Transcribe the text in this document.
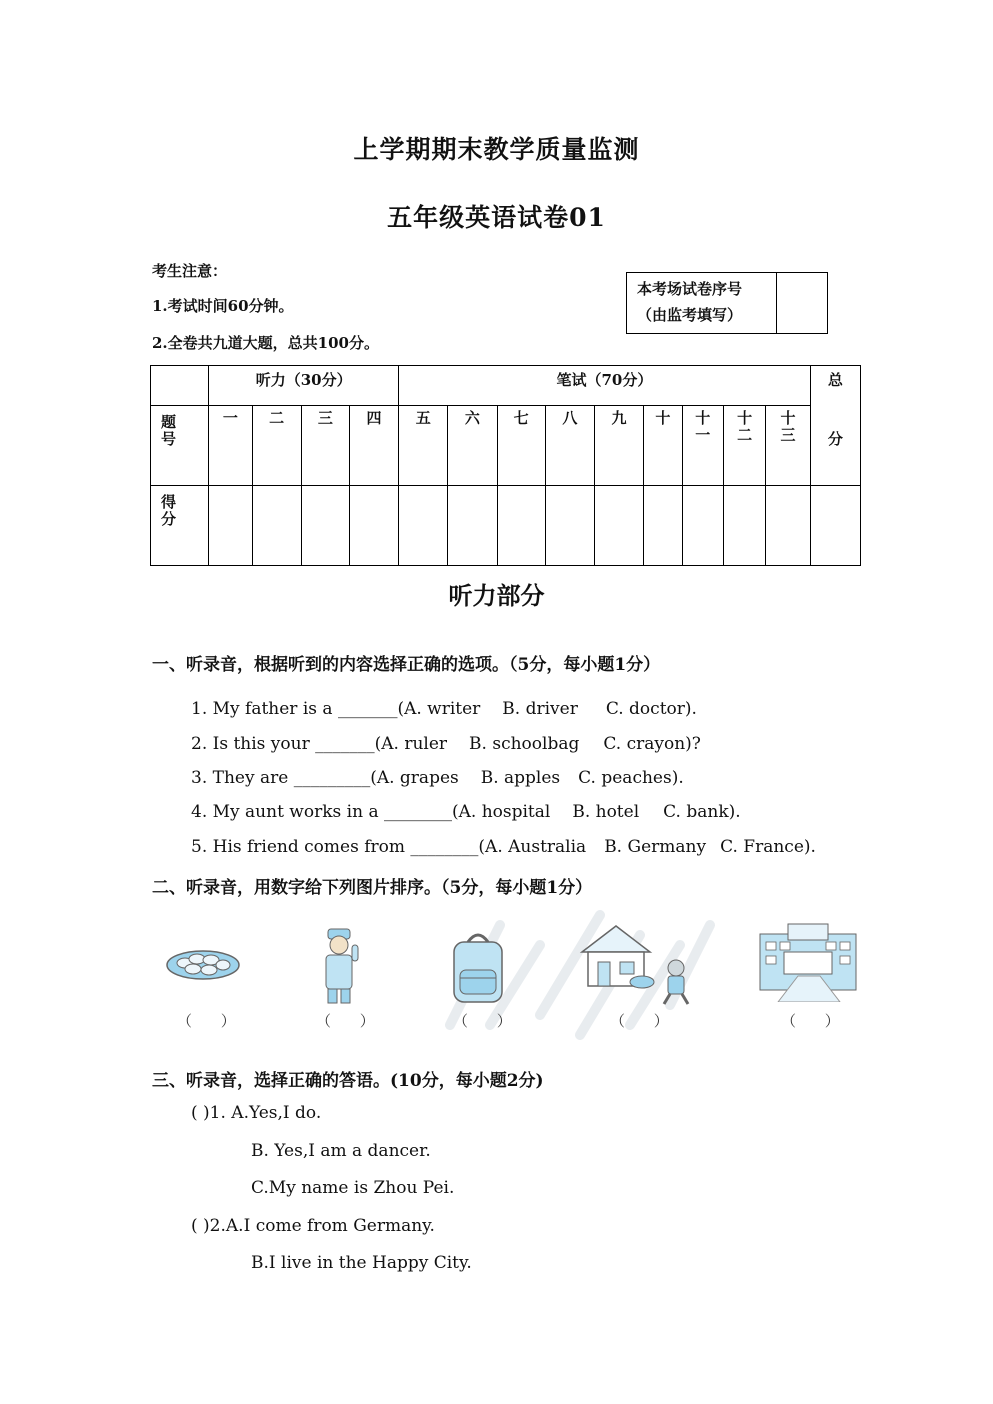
上学期期末教学质量监测
五年级英语试卷01
考生注意：
1.考试时间60分钟。
2.全卷共九道大题，总共100分。
本考场试卷序号
（由监考填写）
	听力（30分）				笔试（70分）									总
分

题号	一	二	三	四	五	六	七	八	九	十	十一	十二	十三	
得分														
听力部分
一、听录音，根据听到的内容选择正确的选项。（5分，每小题1分）
1. My father is a _______(A. writer B. driver C. doctor).
2. Is this your _______(A. ruler B. schoolbag C. crayon)?
3. They are _________(A. grapes B. apples C. peaches).
4. My aunt works in a ________(A. hospital B. hotel C. bank).
5. His friend comes from ________(A. Australia B. Germany C. France).
二、听录音，用数字给下列图片排序。（5分，每小题1分）
（ ）	（ ）	（ ）	（ ）	（ ）
三、听录音，选择正确的答语。(10分，每小题2分)
( )1. A.Yes,I do.
B. Yes,I am a dancer.
C.My name is Zhou Pei.
( )2.A.I come from Germany.
B.I live in the Happy City.
